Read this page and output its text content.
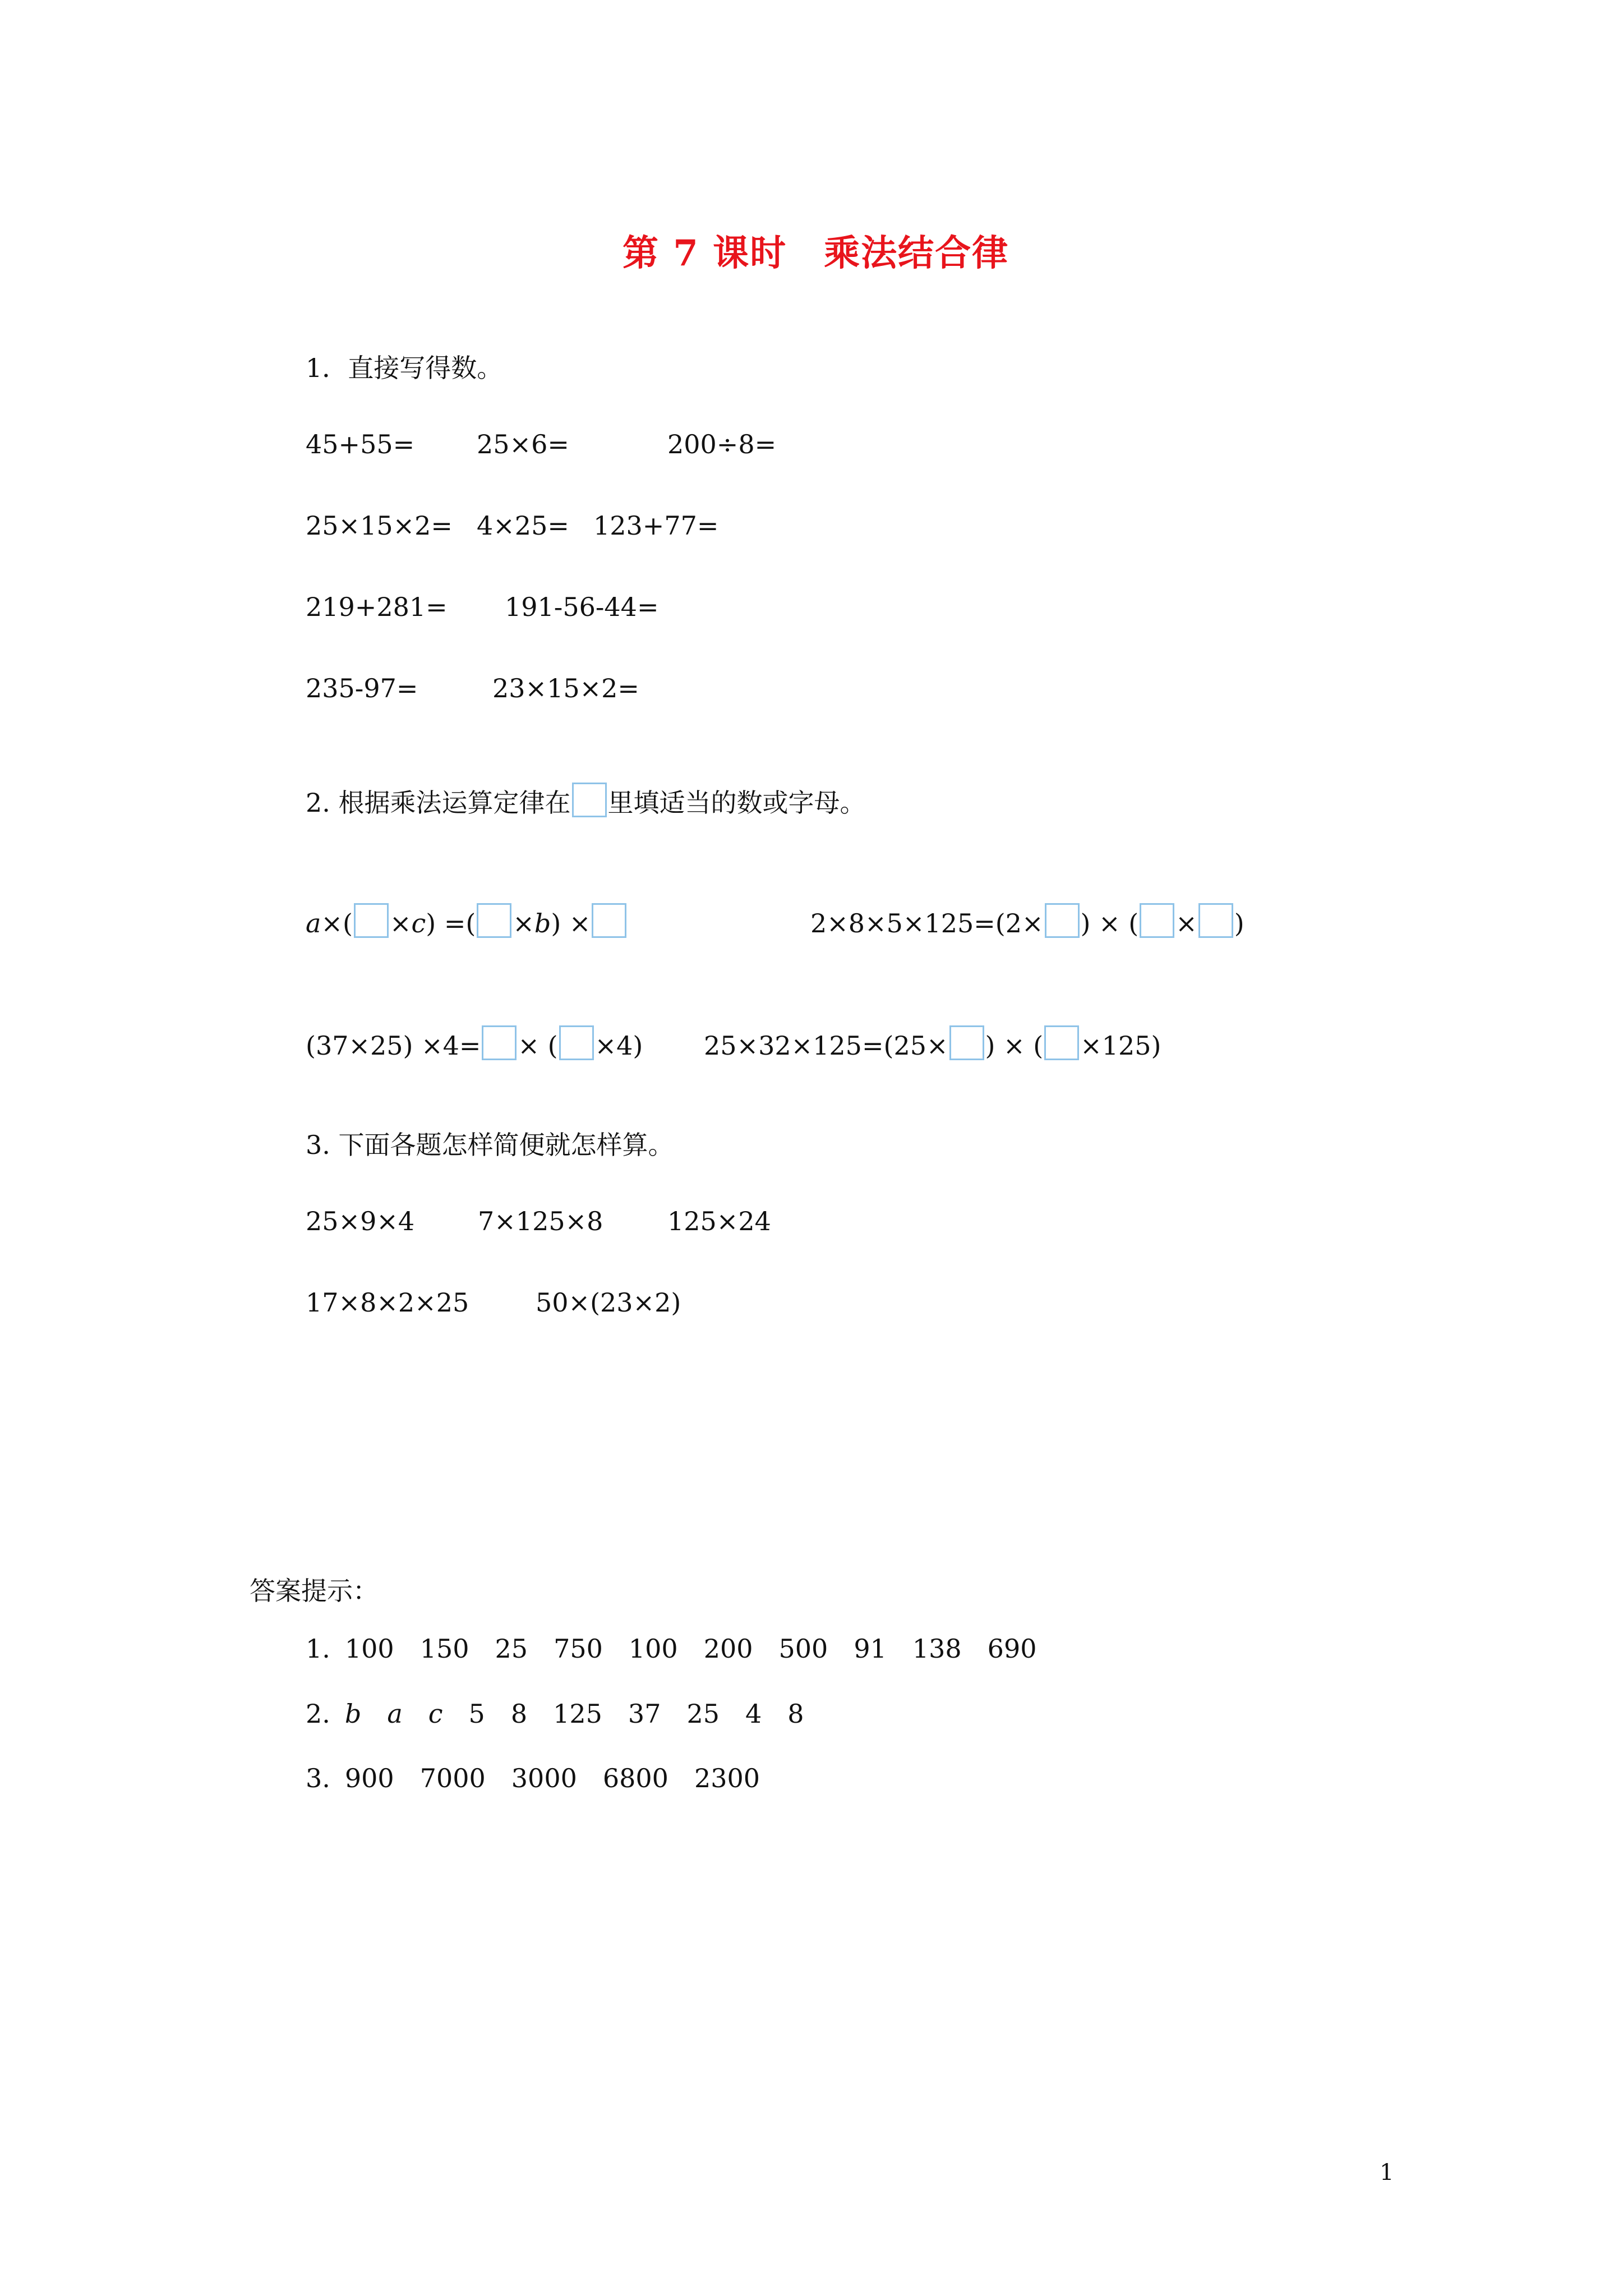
第 7 课时　乘法结合律
1．直接写得数。
45+55= 25×6=	200÷8=
25×15×2= 4×25= 123+77=
219+281= 191-56-44=
235-97=	23×15×2=
2. 根据乘法运算定律在 里填适当的数或字母。
a×( ×c) =( ×b) ×	2×8×5×125=(2× ) × ( × )
(37×25) ×4= × ( ×4) 25×32×125=(25× ) × ( ×125)
3. 下面各题怎样简便就怎样算。
25×9×4 7×125×8 125×24
17×8×2×25	50×(23×2)
答案提示：
1. 100 150 25 750 100 200 500 91 138 690
2. b a c 5 8 125 37 25 4 8
3. 900 7000 3000 6800 2300
1
